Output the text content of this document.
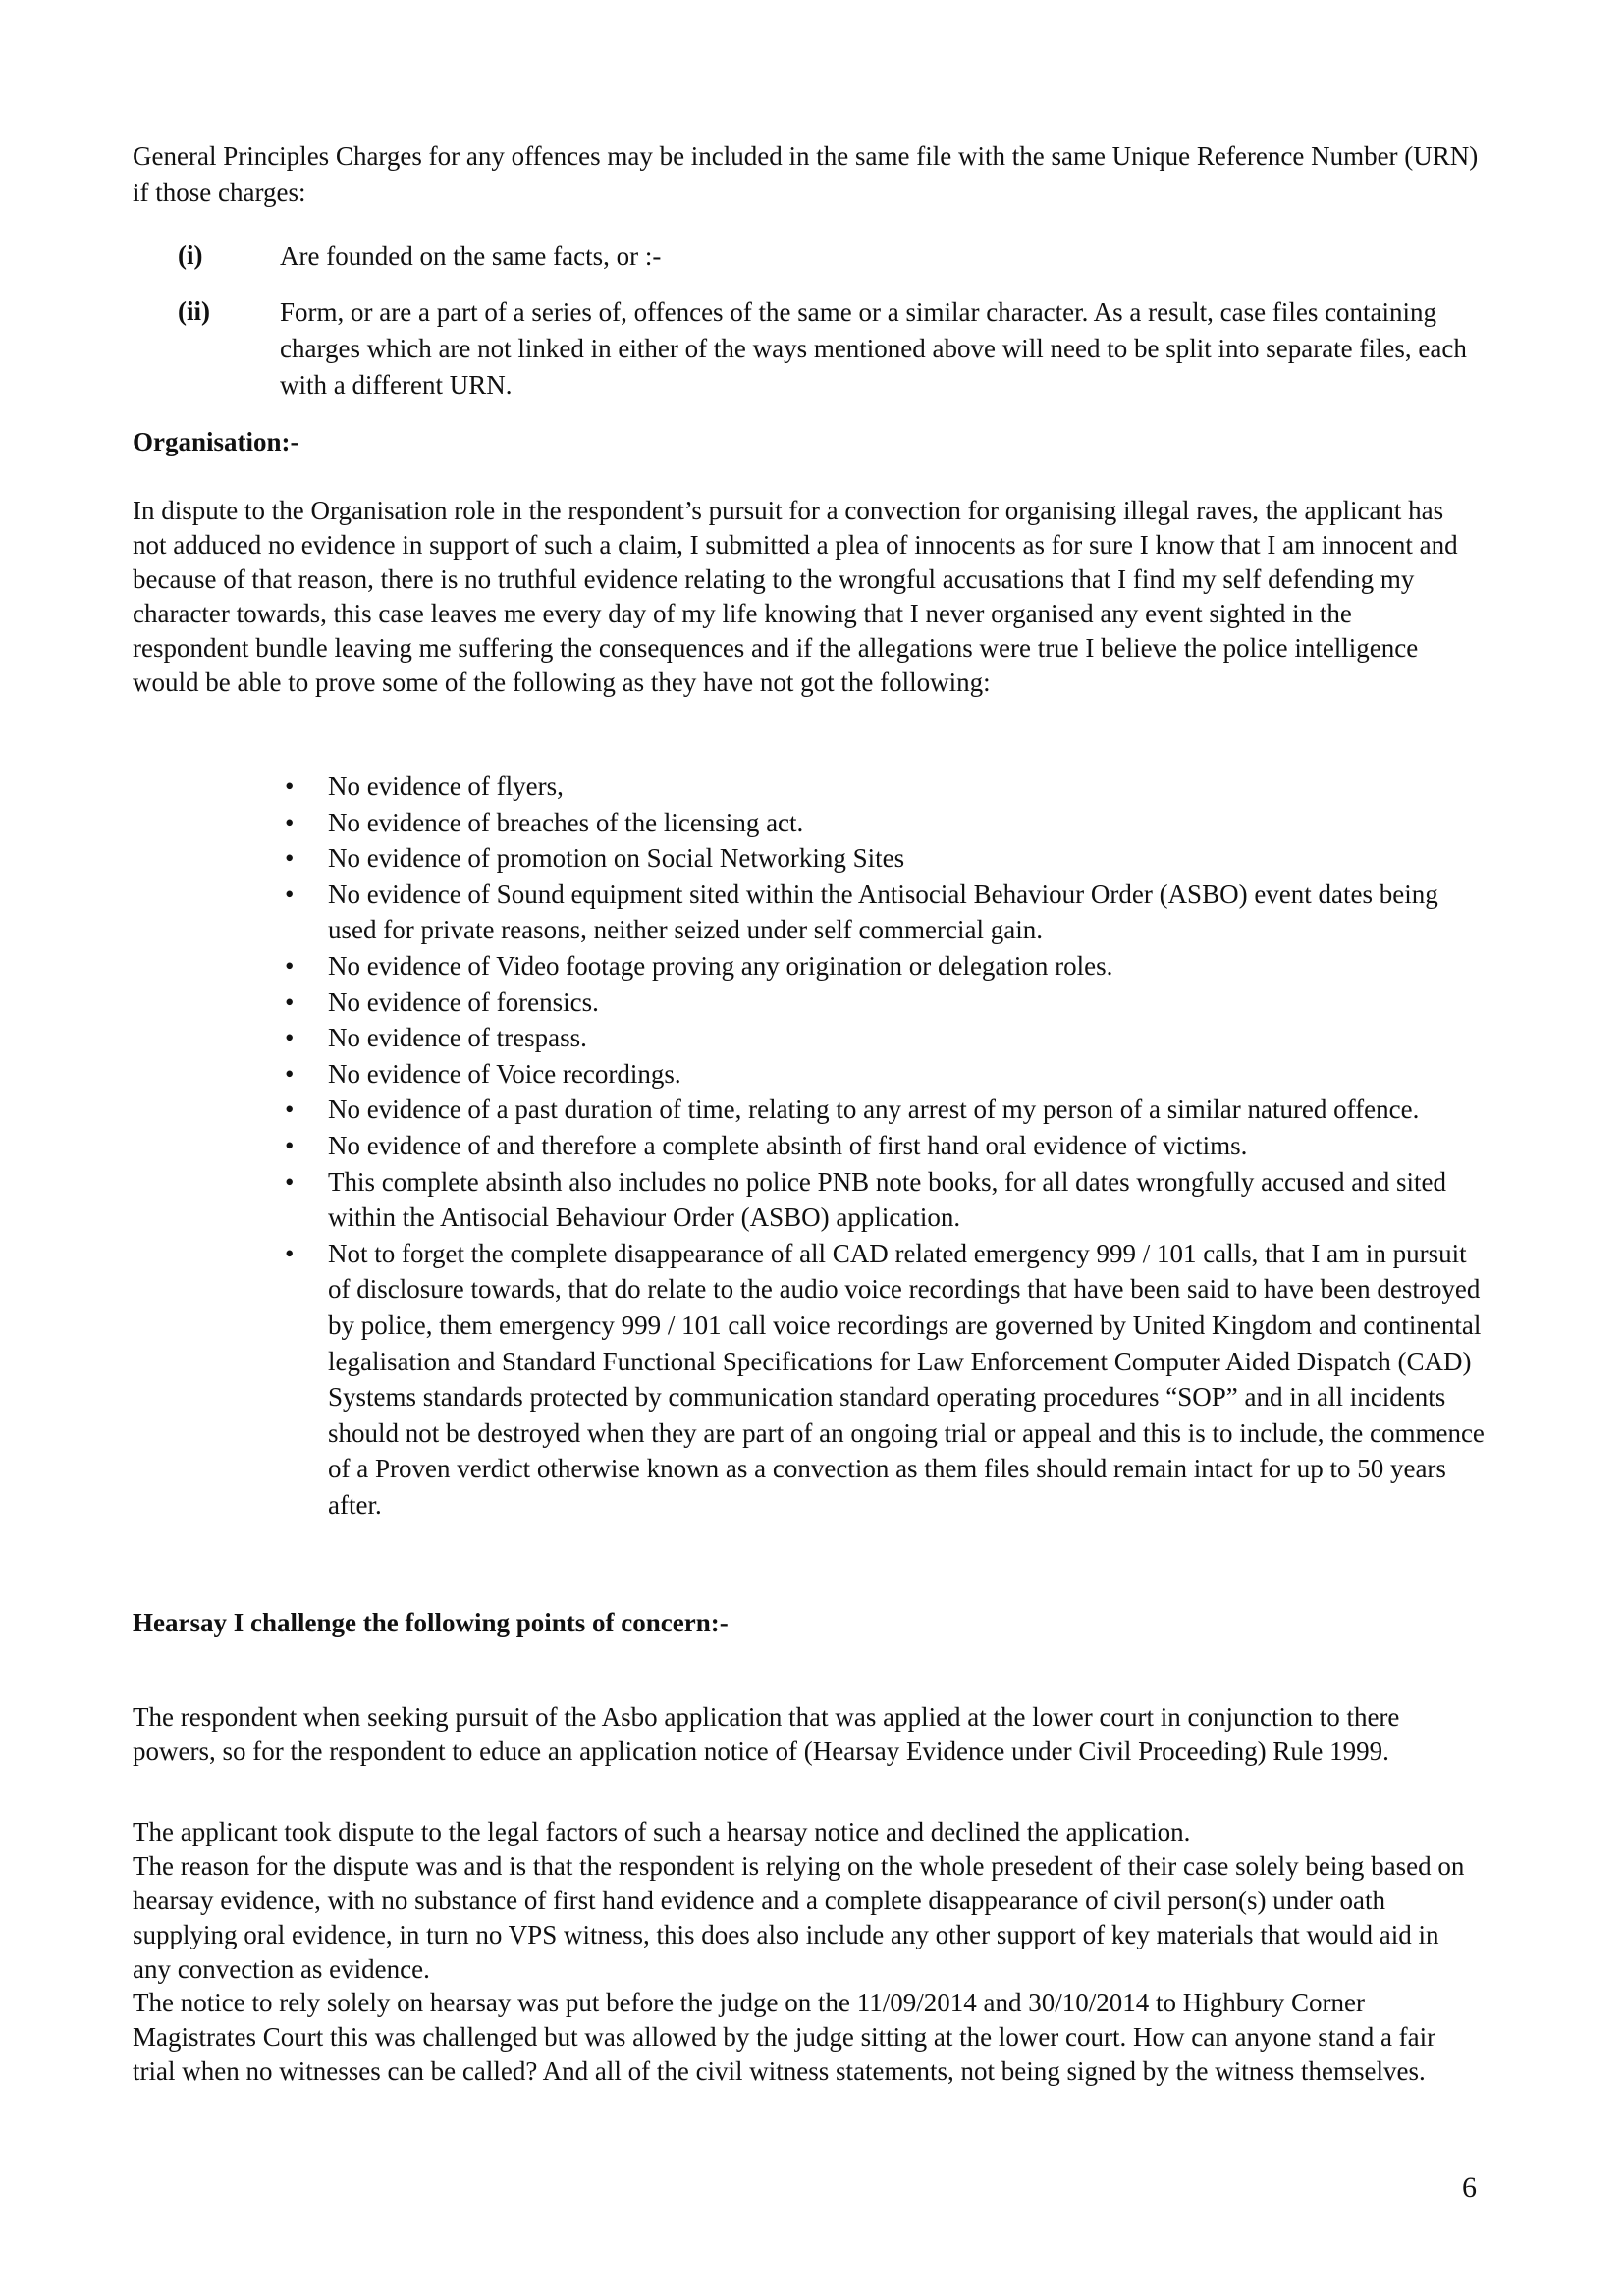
General Principles Charges for any offences may be included in the same file with the same Unique Reference Number (URN) if those charges:
(i)	Are founded on the same facts, or :-
(ii)	Form, or are a part of a series of, offences of the same or a similar character. As a result, case files containing charges which are not linked in either of the ways mentioned above will need to be split into separate files, each with a different URN.
Organisation:-
In dispute to the Organisation role in the respondent’s pursuit for a convection for organising illegal raves, the applicant has not adduced no evidence in support of such a claim, I submitted a plea of innocents as for sure I know that I am innocent and because of that reason, there is no truthful evidence relating to the wrongful accusations that I find my self defending my character towards, this case leaves me every day of my life knowing that I never organised any event sighted in the respondent bundle leaving me suffering the consequences and if the allegations were true I believe the police intelligence would be able to prove some of the following as they have not got the following:
• No evidence of flyers,
• No evidence of breaches of the licensing act.
• No evidence of promotion on Social Networking Sites
• No evidence of Sound equipment sited within the Antisocial Behaviour Order (ASBO) event dates being used for private reasons, neither seized under self commercial gain.
• No evidence of Video footage proving any origination or delegation roles.
• No evidence of forensics.
• No evidence of trespass.
• No evidence of Voice recordings.
• No evidence of a past duration of time, relating to any arrest of my person of a similar natured offence.
• No evidence of and therefore a complete absinth of first hand oral evidence of victims.
• This complete absinth also includes no police PNB note books, for all dates wrongfully accused and sited within the Antisocial Behaviour Order (ASBO) application.
• Not to forget the complete disappearance of all CAD related emergency 999 / 101 calls, that I am in pursuit of disclosure towards, that do relate to the audio voice recordings that have been said to have been destroyed by police, them emergency 999 / 101 call voice recordings are governed by United Kingdom and continental legalisation and Standard Functional Specifications for Law Enforcement Computer Aided Dispatch (CAD) Systems standards protected by communication standard operating procedures “SOP” and in all incidents should not be destroyed when they are part of an ongoing trial or appeal and this is to include, the commence of a Proven verdict otherwise known as a convection as them files should remain intact for up to 50 years after.
Hearsay I challenge the following points of concern:-
The respondent when seeking pursuit of the Asbo application that was applied at the lower court in conjunction to there powers, so for the respondent to educe an application notice of (Hearsay Evidence under Civil Proceeding) Rule 1999.
The applicant took dispute to the legal factors of such a hearsay notice and declined the application.
The reason for the dispute was and is that the respondent is relying on the whole presedent of their case solely being based on hearsay evidence, with no substance of first hand evidence and a complete disappearance of civil person(s) under oath supplying oral evidence, in turn no VPS witness, this does also include any other support of key materials that would aid in any convection as evidence.
The notice to rely solely on hearsay was put before the judge on the 11/09/2014 and 30/10/2014 to Highbury Corner Magistrates Court this was challenged but was allowed by the judge sitting at the lower court. How can anyone stand a fair trial when no witnesses can be called? And all of the civil witness statements, not being signed by the witness themselves.
6
